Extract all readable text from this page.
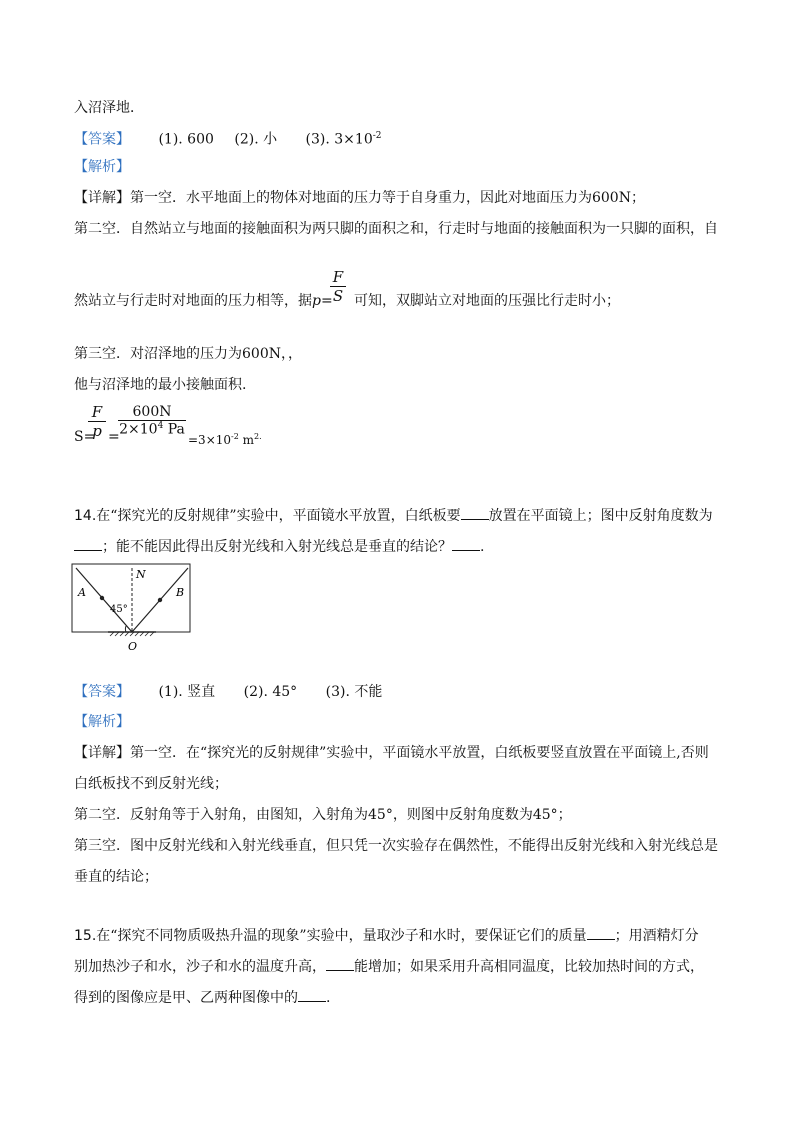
入沼泽地．
【答案】 (1). 600 (2). 小 (3). $3\times 10^{-2}$
【解析】
【详解】第一空．水平地面上的物体对地面的压力等于自身重力，因此对地面压力为600N；
第二空．自然站立与地面的接触面积为两只脚的面积之和，行走时与地面的接触面积为一只脚的面积，自
然站立与行走时对地面的压力相等，据p=
F
S 可知，双脚站立对地面的压强比行走时小；
第三空．对沼泽地的压力为600N，，
他与沼泽地的最小接触面积.
S=
F
p =
600N
$2\times 10^4$ Pa
$=3\times 10^{-2}$ $m^{2.}$
14.在“探究光的反射规律”实验中，平面镜水平放置，白纸板要 放置在平面镜上；图中反射角度数为
；能不能因此得出反射光线和入射光线总是垂直的结论？ .
A	B
N
O
45°
【答案】 (1). 竖直 (2). 45° (3). 不能
【解析】
【详解】第一空．在“探究光的反射规律”实验中，平面镜水平放置，白纸板要竖直放置在平面镜上,否则
白纸板找不到反射光线；
第二空．反射角等于入射角，由图知，入射角为45°，则图中反射角度数为45°；
第三空．图中反射光线和入射光线垂直，但只凭一次实验存在偶然性，不能得出反射光线和入射光线总是
垂直的结论；
15.在“探究不同物质吸热升温的现象”实验中，量取沙子和水时，要保证它们的质量 ；用酒精灯分
别加热沙子和水，沙子和水的温度升高， 能增加；如果采用升高相同温度，比较加热时间的方式，
得到的图像应是甲、乙两种图像中的 .
